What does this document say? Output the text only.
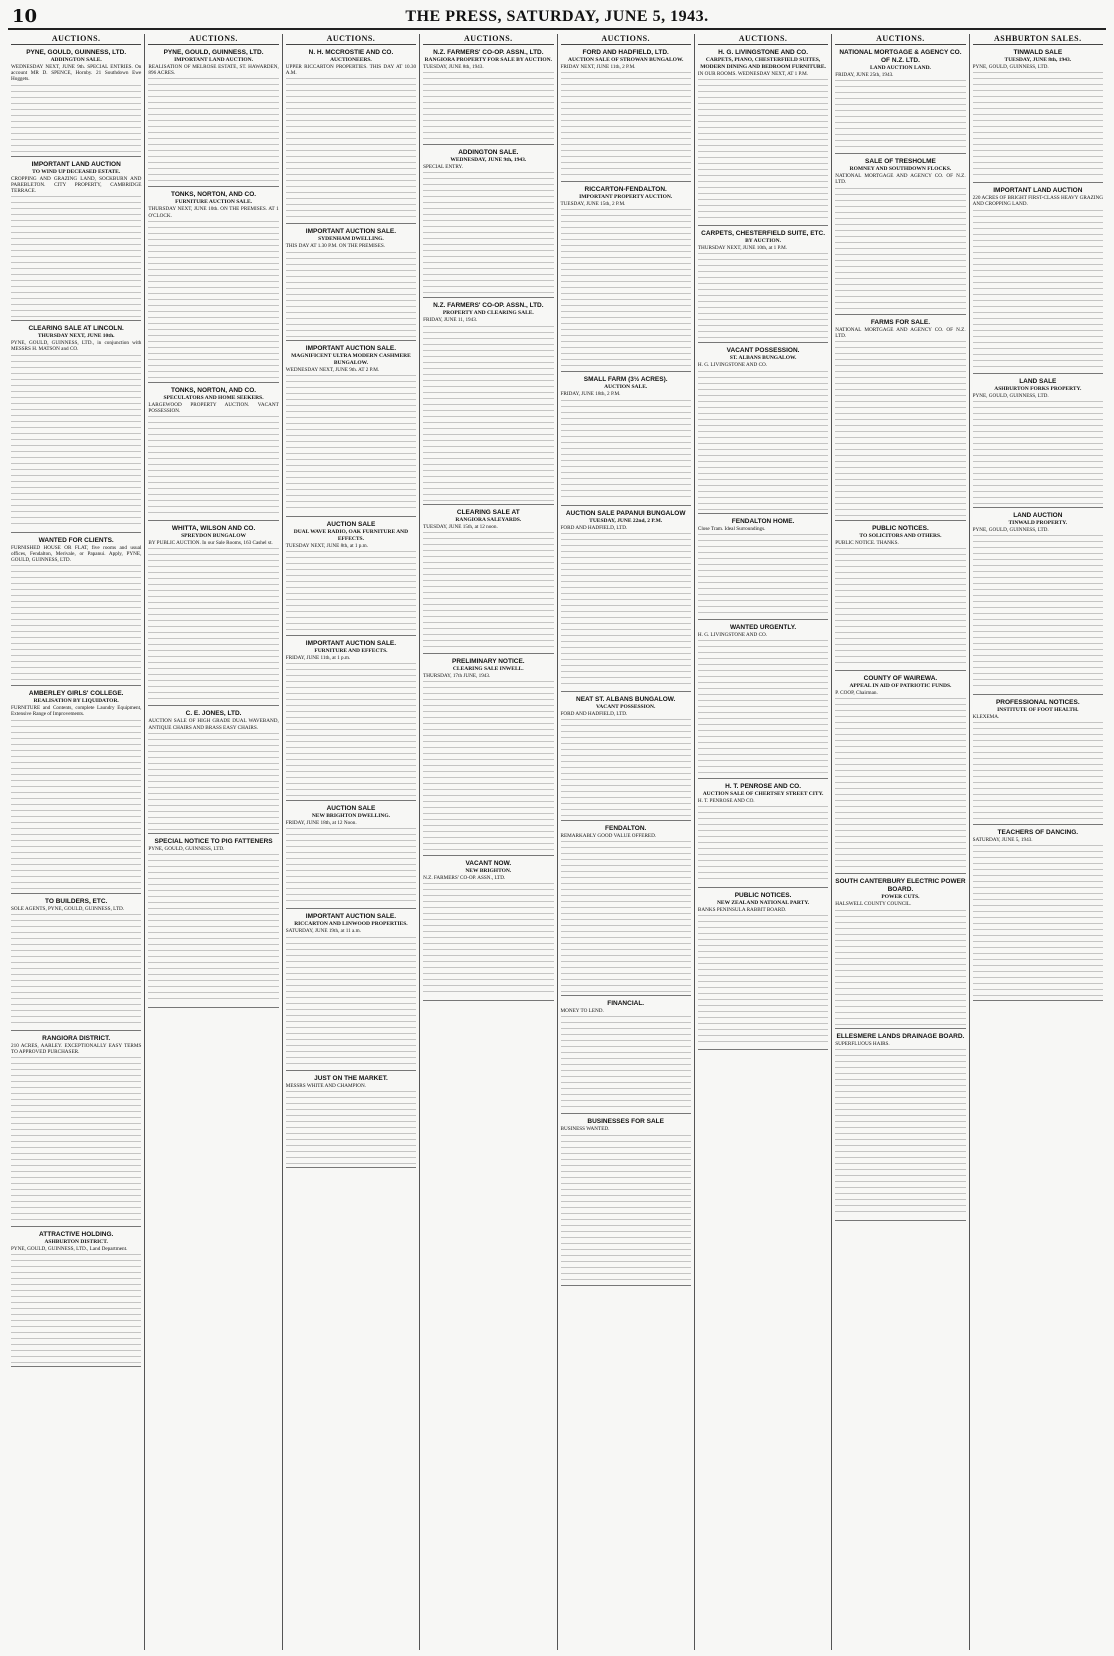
10	THE PRESS, SATURDAY, JUNE 5, 1943.
AUCTIONS.
PYNE, GOULD, GUINNESS, LTD.
ADDINGTON SALE.
WEDNESDAY NEXT, JUNE 9th. SPECIAL ENTRIES. On account MR D. SPENCE, Hornby. 21 Southdown Ewe Hoggets.
IMPORTANT LAND AUCTION
TO WIND UP DECEASED ESTATE.
CROPPING AND GRAZING LAND, SOCKBURN AND PAREBLETON. CITY PROPERTY, CAMBRIDGE TERRACE.
CLEARING SALE AT LINCOLN.
THURSDAY NEXT, JUNE 10th.
PYNE, GOULD, GUINNESS, LTD., in conjunction with MESSRS H. MATSON and CO.
WANTED FOR CLIENTS.
FURNISHED HOUSE OR FLAT, five rooms and usual offices, Fendalton, Merivale, or Papanui. Apply, PYNE, GOULD, GUINNESS, LTD.
AMBERLEY GIRLS' COLLEGE.
REALISATION BY LIQUIDATOR.
FURNITURE and Contents, complete Laundry Equipment, Extensive Range of Improvements.
TO BUILDERS, ETC.
SOLE AGENTS, PYNE, GOULD, GUINNESS, LTD.
RANGIORA DISTRICT.
210 ACRES, AARLEY. EXCEPTIONALLY EASY TERMS TO APPROVED PURCHASER.
ATTRACTIVE HOLDING.
ASHBURTON DISTRICT.
PYNE, GOULD, GUINNESS, LTD., Land Department.
AUCTIONS.
PYNE, GOULD, GUINNESS, LTD.
IMPORTANT LAND AUCTION.
REALISATION OF MELROSE ESTATE, ST. HAWARDEN, 896 ACRES.
TONKS, NORTON, AND CO.
FURNITURE AUCTION SALE.
THURSDAY NEXT, JUNE 10th. ON THE PREMISES. AT 1 O'CLOCK.
TONKS, NORTON, AND CO.
SPECULATORS AND HOME SEEKERS.
LARGEWOOD PROPERTY AUCTION. VACANT POSSESSION.
WHITTA, WILSON AND CO.
SPREYDON BUNGALOW
BY PUBLIC AUCTION. In our Sale Rooms, 163 Cashel st.
C. E. JONES, LTD.
AUCTION SALE OF HIGH GRADE DUAL WAVEBAND, ANTIQUE CHAIRS AND BRASS EASY CHAIRS.
SPECIAL NOTICE TO PIG FATTENERS
PYNE, GOULD, GUINNESS, LTD.
AUCTIONS.
N. H. MCCROSTIE AND CO.
AUCTIONEERS.
UPPER RICCARTON PROPERTIES. THIS DAY AT 10.30 A.M.
IMPORTANT AUCTION SALE.
SYDENHAM DWELLING.
THIS DAY AT 1.30 P.M. ON THE PREMISES.
IMPORTANT AUCTION SALE.
MAGNIFICENT ULTRA MODERN CASHMERE BUNGALOW.
WEDNESDAY NEXT, JUNE 9th. AT 2 P.M.
AUCTION SALE
DUAL WAVE RADIO, OAK FURNITURE AND EFFECTS.
TUESDAY NEXT, JUNE 8th, at 1 p.m.
IMPORTANT AUCTION SALE.
FURNITURE AND EFFECTS.
FRIDAY, JUNE 11th, at 1 p.m.
AUCTION SALE
NEW BRIGHTON DWELLING.
FRIDAY, JUNE 18th, at 12 Noon.
IMPORTANT AUCTION SALE.
RICCARTON AND LINWOOD PROPERTIES.
SATURDAY, JUNE 19th, at 11 a.m.
JUST ON THE MARKET.
MESSRS WHITE AND CHAMPION.
AUCTIONS.
N.Z. FARMERS' CO-OP. ASSN., LTD.
RANGIORA PROPERTY FOR SALE BY AUCTION.
TUESDAY, JUNE 8th, 1943.
ADDINGTON SALE.
WEDNESDAY, JUNE 9th, 1943.
SPECIAL ENTRY.
N.Z. FARMERS' CO-OP. ASSN., LTD.
PROPERTY AND CLEARING SALE.
FRIDAY, JUNE 11, 1943.
CLEARING SALE AT
RANGIORA SALEYARDS.
TUESDAY, JUNE 15th, at 12 noon.
PRELIMINARY NOTICE.
CLEARING SALE INWELL.
THURSDAY, 17th JUNE, 1943.
VACANT NOW.
NEW BRIGHTON.
N.Z. FARMERS' CO-OP. ASSN., LTD.
AUCTIONS.
FORD AND HADFIELD, LTD.
AUCTION SALE OF STROWAN BUNGALOW.
FRIDAY NEXT, JUNE 11th, 2 P.M.
RICCARTON-FENDALTON.
IMPORTANT PROPERTY AUCTION.
TUESDAY, JUNE 15th, 2 P.M.
SMALL FARM (3½ ACRES).
AUCTION SALE.
FRIDAY, JUNE 18th, 2 P.M.
AUCTION SALE PAPANUI BUNGALOW
TUESDAY, JUNE 22nd, 2 P.M.
FORD AND HADFIELD, LTD.
NEAT ST. ALBANS BUNGALOW.
VACANT POSSESSION.
FORD AND HADFIELD, LTD.
FENDALTON.
REMARKABLY GOOD VALUE OFFERED.
FINANCIAL.
MONEY TO LEND.
BUSINESSES FOR SALE
BUSINESS WANTED.
AUCTIONS.
H. G. LIVINGSTONE AND CO.
CARPETS, PIANO, CHESTERFIELD SUITES, MODERN DINING AND BEDROOM FURNITURE.
IN OUR ROOMS. WEDNESDAY NEXT, AT 1 P.M.
CARPETS, CHESTERFIELD SUITE, ETC.
BY AUCTION.
THURSDAY NEXT, JUNE 10th, at 1 P.M.
VACANT POSSESSION.
ST. ALBANS BUNGALOW.
H. G. LIVINGSTONE AND CO.
FENDALTON HOME.
Close Tram. Ideal Surroundings.
WANTED URGENTLY.
H. G. LIVINGSTONE AND CO.
H. T. PENROSE AND CO.
AUCTION SALE OF CHERTSEY STREET CITY.
H. T. PENROSE AND CO.
PUBLIC NOTICES.
NEW ZEALAND NATIONAL PARTY.
BANKS PENINSULA RABBIT BOARD.
AUCTIONS.
NATIONAL MORTGAGE & AGENCY CO. OF N.Z. LTD.
LAND AUCTION LAND.
FRIDAY, JUNE 25th, 1943.
SALE OF TRESHOLME
ROMNEY AND SOUTHDOWN FLOCKS.
NATIONAL MORTGAGE AND AGENCY CO. OF N.Z. LTD.
FARMS FOR SALE.
NATIONAL MORTGAGE AND AGENCY CO. OF N.Z. LTD.
PUBLIC NOTICES.
TO SOLICITORS AND OTHERS.
PUBLIC NOTICE. THANKS.
COUNTY OF WAIREWA.
APPEAL IN AID OF PATRIOTIC FUNDS.
P. COOP, Chairman.
SOUTH CANTERBURY ELECTRIC POWER BOARD.
POWER CUTS.
HALSWELL COUNTY COUNCIL.
ELLESMERE LANDS DRAINAGE BOARD.
SUPERFLUOUS HAIRS.
ASHBURTON SALES.
TINWALD SALE
TUESDAY, JUNE 8th, 1943.
PYNE, GOULD, GUINNESS, LTD.
IMPORTANT LAND AUCTION
220 ACRES OF BRIGHT FIRST-CLASS HEAVY GRAZING AND CROPPING LAND.
LAND SALE
ASHBURTON FORKS PROPERTY.
PYNE, GOULD, GUINNESS, LTD.
LAND AUCTION
TINWALD PROPERTY.
PYNE, GOULD, GUINNESS, LTD.
PROFESSIONAL NOTICES.
INSTITUTE OF FOOT HEALTH.
KLEXEMA.
TEACHERS OF DANCING.
SATURDAY, JUNE 5, 1943.
